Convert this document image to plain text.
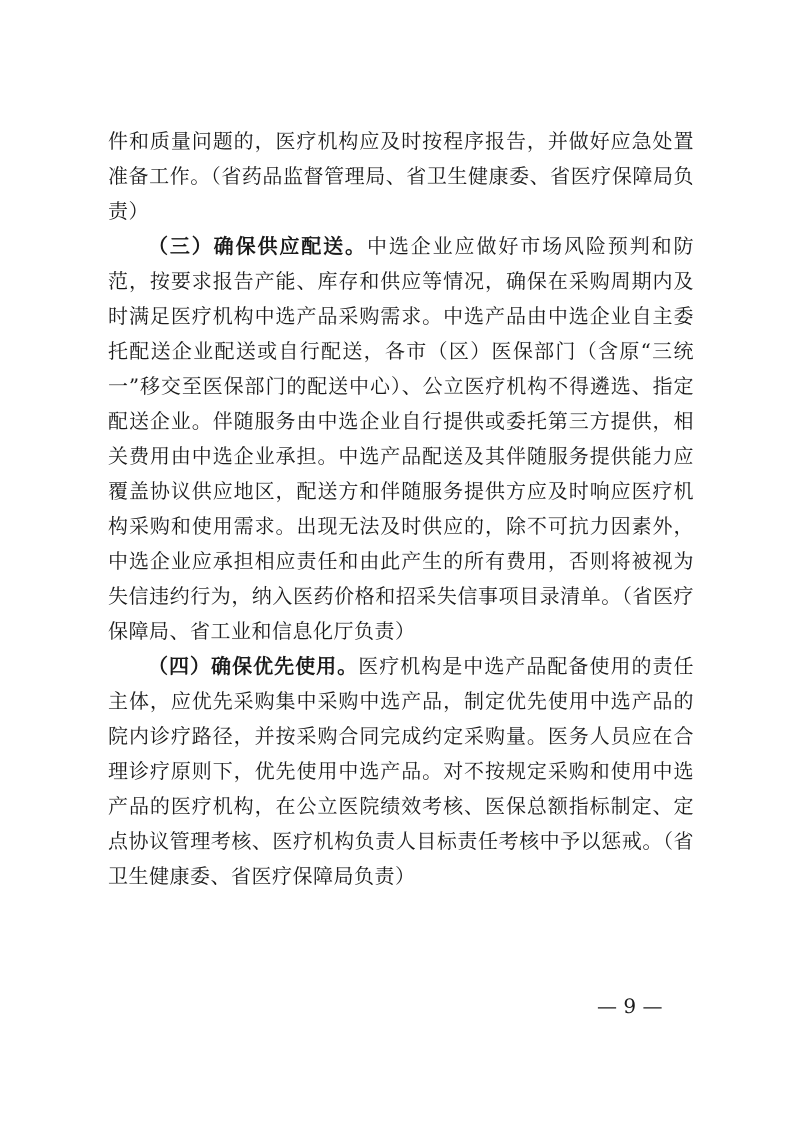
件和质量问题的，医疗机构应及时按程序报告，并做好应急处置准备工作。（省药品监督管理局、省卫生健康委、省医疗保障局负责）

（三）确保供应配送。中选企业应做好市场风险预判和防范，按要求报告产能、库存和供应等情况，确保在采购周期内及时满足医疗机构中选产品采购需求。中选产品由中选企业自主委托配送企业配送或自行配送，各市（区）医保部门（含原“三统一”移交至医保部门的配送中心）、公立医疗机构不得遴选、指定配送企业。伴随服务由中选企业自行提供或委托第三方提供，相关费用由中选企业承担。中选产品配送及其伴随服务提供能力应覆盖协议供应地区，配送方和伴随服务提供方应及时响应医疗机构采购和使用需求。出现无法及时供应的，除不可抗力因素外，中选企业应承担相应责任和由此产生的所有费用，否则将被视为失信违约行为，纳入医药价格和招采失信事项目录清单。（省医疗保障局、省工业和信息化厅负责）

（四）确保优先使用。医疗机构是中选产品配备使用的责任主体，应优先采购集中采购中选产品，制定优先使用中选产品的院内诊疗路径，并按采购合同完成约定采购量。医务人员应在合理诊疗原则下，优先使用中选产品。对不按规定采购和使用中选产品的医疗机构，在公立医院绩效考核、医保总额指标制定、定点协议管理考核、医疗机构负责人目标责任考核中予以惩戒。（省卫生健康委、省医疗保障局负责）

— 9 —
